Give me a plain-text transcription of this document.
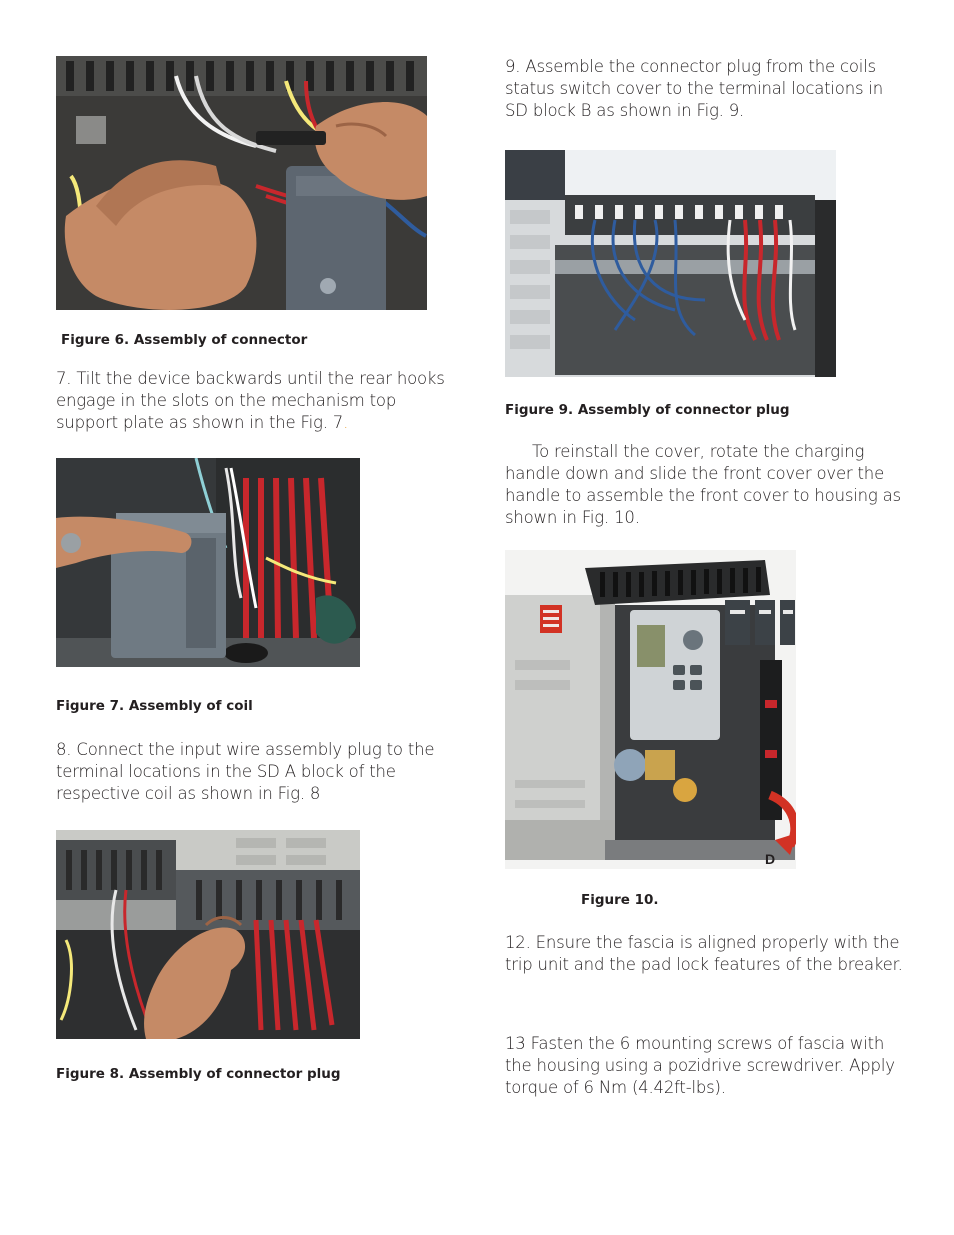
Figure 6. Assembly of connector
7. Tilt the device backwards until the rear hooks
engage in the slots on the mechanism top
support plate as shown in the Fig. 7.
Figure 7. Assembly of coil
8. Connect the input wire assembly plug to the
terminal locations in the SD A block of the
respective coil as shown in Fig. 8
Figure 8. Assembly of connector plug
9. Assemble the connector plug from the coils
status switch cover to the terminal locations in
SD block B as shown in Fig. 9.
Figure 9. Assembly of connector plug
To reinstall the cover, rotate the charging
handle down and slide the front cover over the
handle to assemble the front cover to housing as
shown in Fig. 10.
D
Figure 10.
12. Ensure the fascia is aligned properly with the
trip unit and the pad lock features of the breaker.
13 Fasten the 6 mounting screws of fascia with
the housing using a pozidrive screwdriver. Apply
torque of 6 Nm (4.42ft-lbs).
